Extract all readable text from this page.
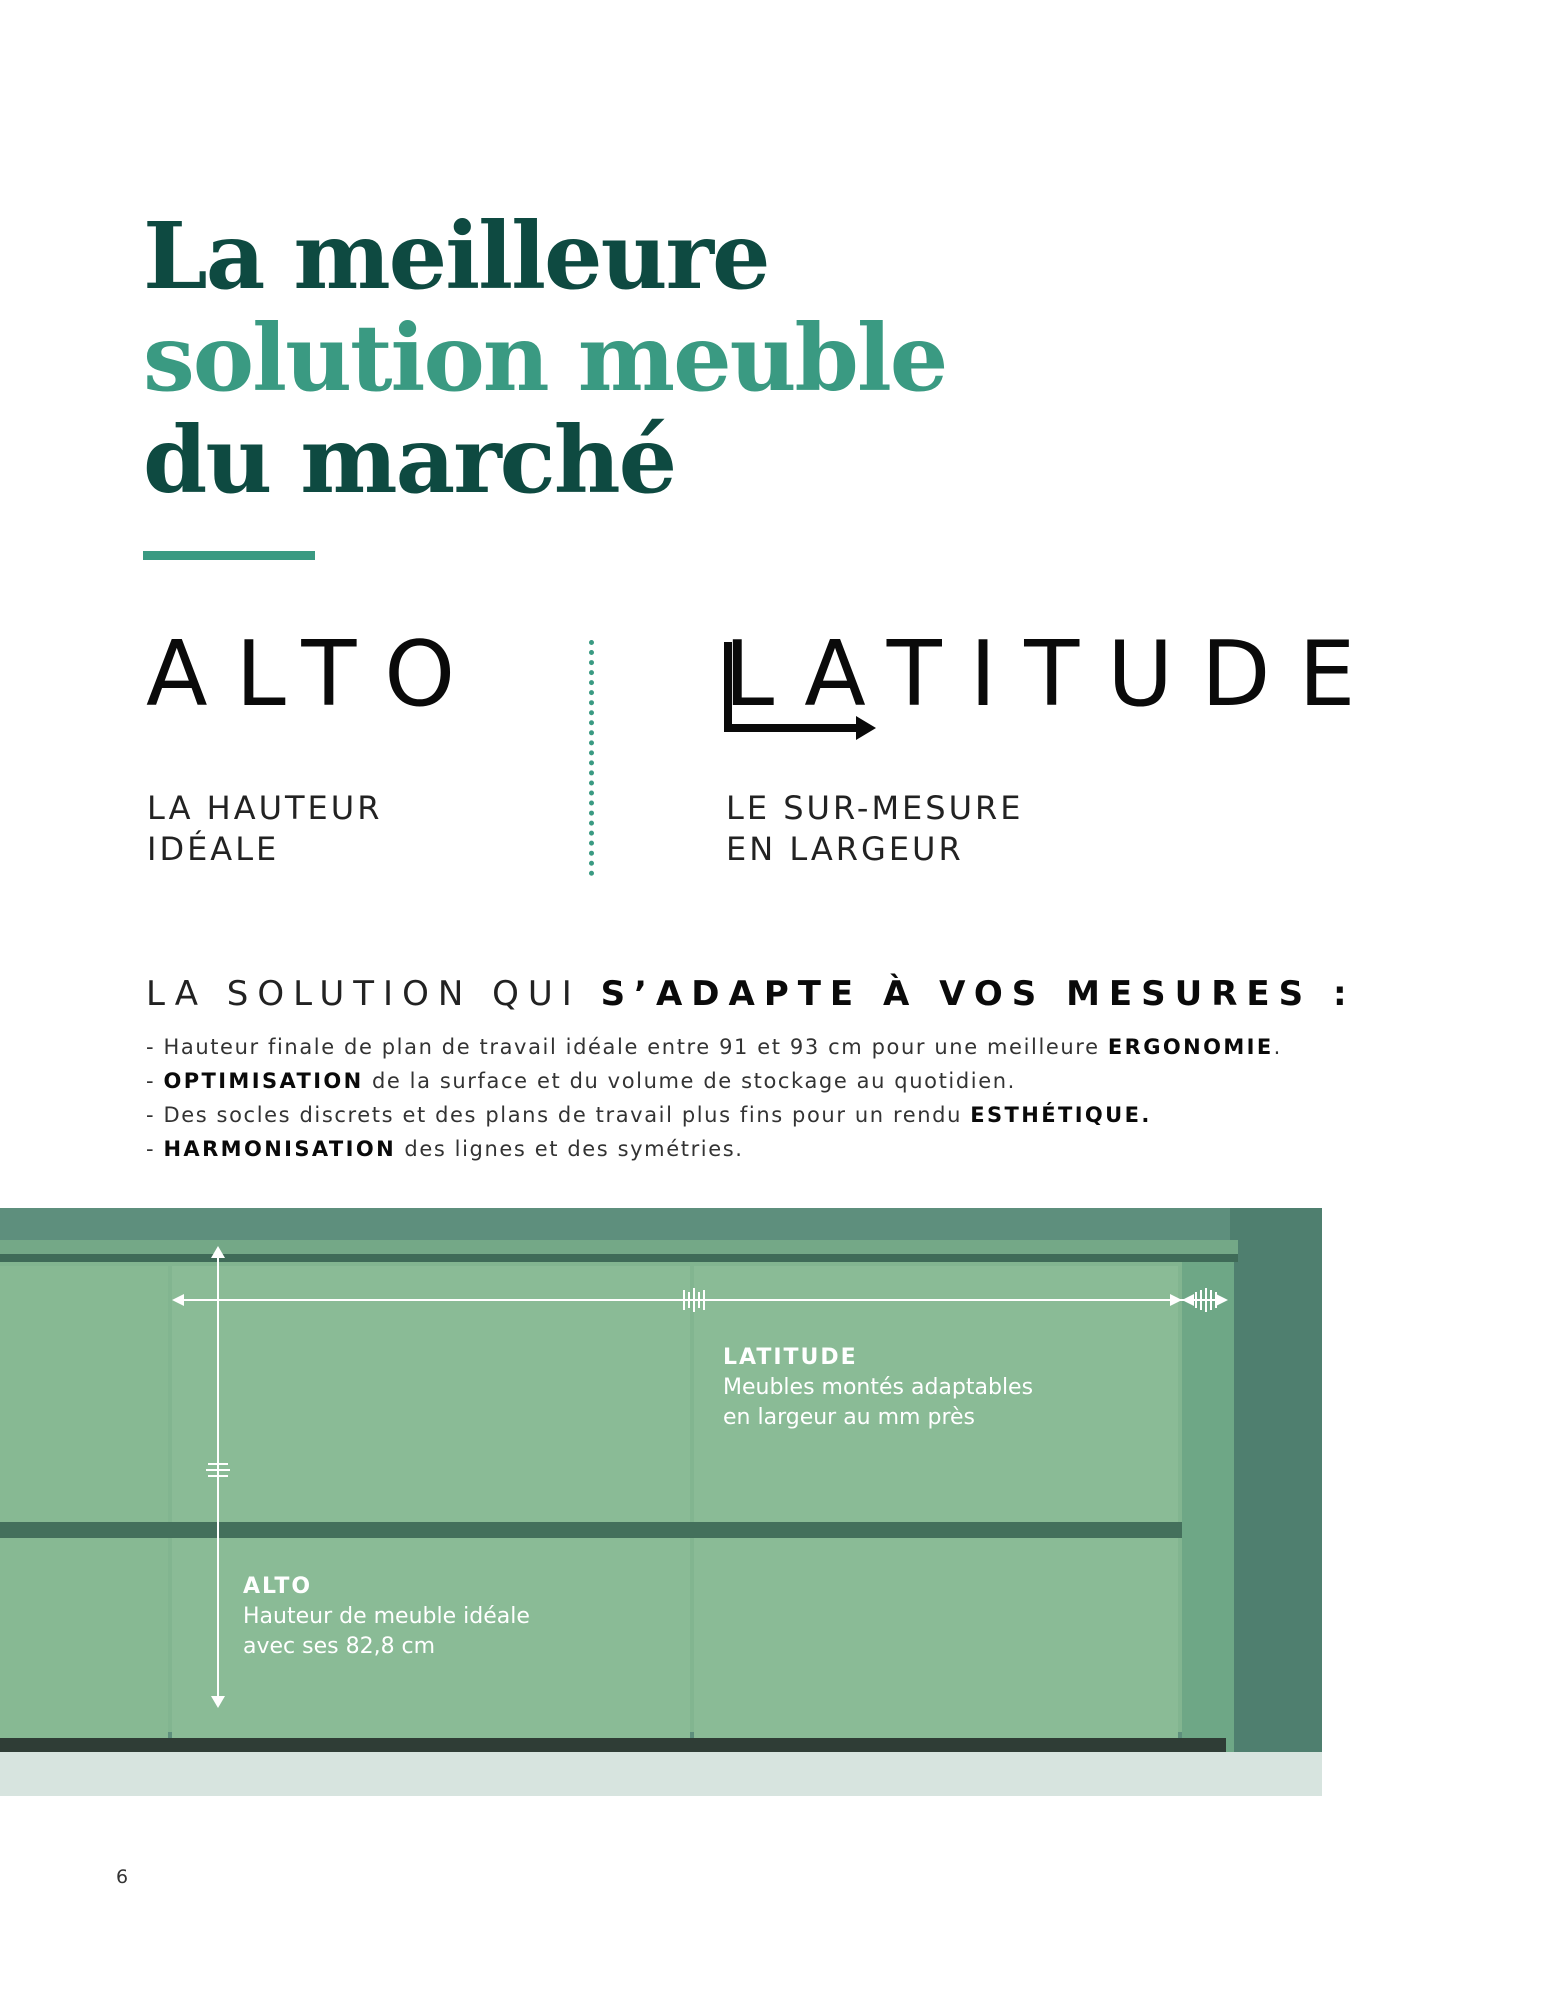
La meilleure
solution meuble
du marché
ALTO
LA HAUTEUR
IDÉALE
LATITUDE
LE SUR-MESURE
EN LARGEUR
LA SOLUTION QUI S’ADAPTE À VOS MESURES :
- Hauteur finale de plan de travail idéale entre 91 et 93 cm pour une meilleure ERGONOMIE.
- OPTIMISATION de la surface et du volume de stockage au quotidien.
- Des socles discrets et des plans de travail plus fins pour un rendu ESTHÉTIQUE.
- HARMONISATION des lignes et des symétries.
LATITUDE
Meubles montés adaptables
en largeur au mm près
ALTO
Hauteur de meuble idéale
avec ses 82,8 cm
6
